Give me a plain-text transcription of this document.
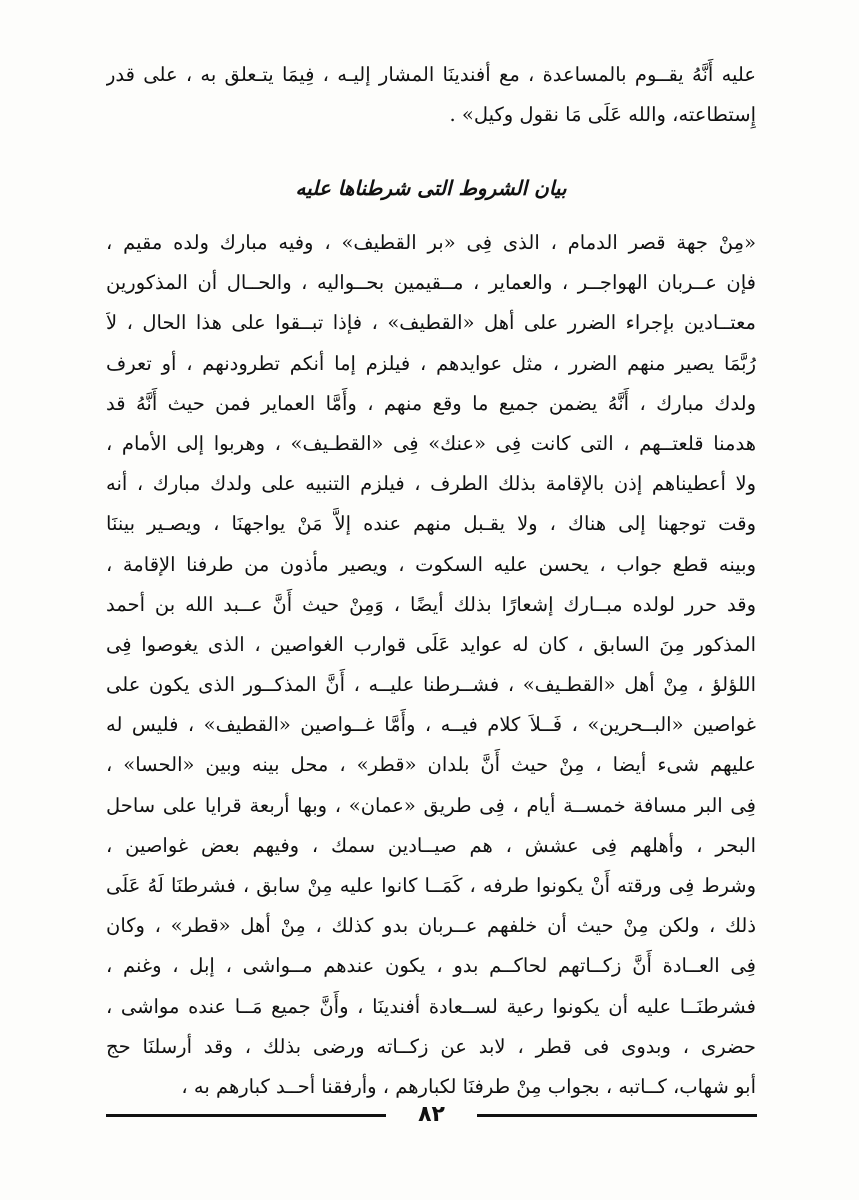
عليه أَنَّهُ يقــوم بالمساعدة ، مع أفندينَا المشار إليـه ، فِيمَا يتـعلق به ، على قدر
إِستطاعته، والله عَلَى مَا نقول وكيل» .
بيان الشروط التى شرطناها عليه
«مِنْ جهة قصر الدمام ، الذى فِى «بر القطيف» ، وفيه مبارك ولده مقيم ،
فإن عــربان الهواجــر ، والعماير ، مــقيمين بحــواليه ، والحــال أن المذكورين
معتــادين بإجراء الضرر على أهل «القطيف» ، فإذا تبــقوا على هذا الحال ، لاَ
رُبَّمَا يصير منهم الضرر ، مثل عوايدهم ، فيلزم إما أنكم تطرودنهم ، أو تعرف
ولدك مبارك ، أَنَّهُ يضمن جميع ما وقع منهم ، وأَمَّا العماير فمن حيث أَنَّهُ قد
هدمنا قلعتــهم ، التى كانت فِى «عنك» فِى «القطـيف» ، وهربوا إلى الأمام ،
ولا أعطيناهم إذن بالإقامة بذلك الطرف ، فيلزم التنبيه على ولدك مبارك ، أنه
وقت توجهنا إلى هناك ، ولا يقـبل منهم عنده إلاَّ مَنْ يواجهنَا ، ويصـير بيننَا
وبينه قطع جواب ، يحسن عليه السكوت ، ويصير مأذون من طرفنا الإقامة ،
وقد حرر لولده مبــارك إشعارًا بذلك أيضًا ، وَمِنْ حيث أَنَّ عــبد الله بن أحمد
المذكور مِنَ السابق ، كان له عوايد عَلَى قوارب الغواصين ، الذى يغوصوا فِى
اللؤلؤ ، مِنْ أهل «القطـيف» ، فشــرطنا عليــه ، أَنَّ المذكــور الذى يكون على
غواصين «البــحرين» ، فَــلاَ كلام فيــه ، وأَمَّا غــواصين «القطيف» ، فليس له
عليهم شىء أيضا ، مِنْ حيث أَنَّ بلدان «قطر» ، محل بينه وبين «الحسا» ،
فِى البر مسافة خمســة أيام ، فِى طريق «عمان» ، وبها أربعة قرايا على ساحل
البحر ، وأهلهم فِى عشش ، هم صيــادين سمك ، وفيهم بعض غواصين ،
وشرط فِى ورقته أَنْ يكونوا طرفه ، كَمَــا كانوا عليه مِنْ سابق ، فشرطنَا لَهُ عَلَى
ذلك ، ولكن مِنْ حيث أن خلفهم عــربان بدو كذلك ، مِنْ أهل «قطر» ، وكان
فِى العــادة أَنَّ زكــاتهم لحاكــم بدو ، يكون عندهم مــواشى ، إبل ، وغنم ،
فشرطنَــا عليه أن يكونوا رعية لســعادة أفندينَا ، وأَنَّ جميع مَــا عنده مواشى ،
حضرى ، وبدوى فى قطر ، لابد عن زكــاته ورضى بذلك ، وقد أرسلنَا حج
أبو شهاب، كــاتبه ، بجواب مِنْ طرفنَا لكبارهم ، وأرفقنا أحــد كبارهم به ،
٨٢
